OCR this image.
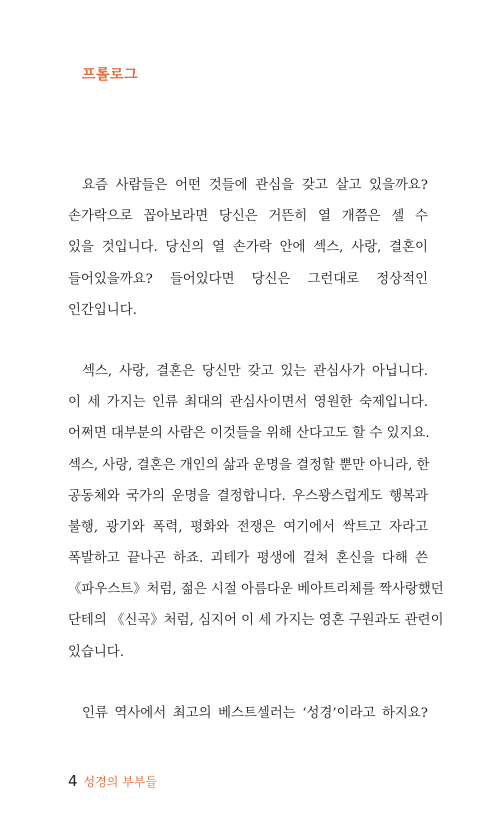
프롤로그

요즘 사람들은 어떤 것들에 관심을 갖고 살고 있을까요?
손가락으로 꼽아보라면 당신은 거뜬히 열 개쯤은 셀 수
있을 것입니다. 당신의 열 손가락 안에 섹스, 사랑, 결혼이
들어있을까요? 들어있다면 당신은 그런대로 정상적인
인간입니다.

섹스, 사랑, 결혼은 당신만 갖고 있는 관심사가 아닙니다.
이 세 가지는 인류 최대의 관심사이면서 영원한 숙제입니다.
어쩌면 대부분의 사람은 이것들을 위해 산다고도 할 수 있지요.
섹스, 사랑, 결혼은 개인의 삶과 운명을 결정할 뿐만 아니라, 한
공동체와 국가의 운명을 결정합니다. 우스꽝스럽게도 행복과
불행, 광기와 폭력, 평화와 전쟁은 여기에서 싹트고 자라고
폭발하고 끝나곤 하죠. 괴테가 평생에 걸쳐 혼신을 다해 쓴
《파우스트》처럼, 젊은 시절 아름다운 베아트리체를 짝사랑했던
단테의 《신곡》처럼, 심지어 이 세 가지는 영혼 구원과도 관련이
있습니다.

인류 역사에서 최고의 베스트셀러는 ‘성경’이라고 하지요?

4 성경의 부부들
